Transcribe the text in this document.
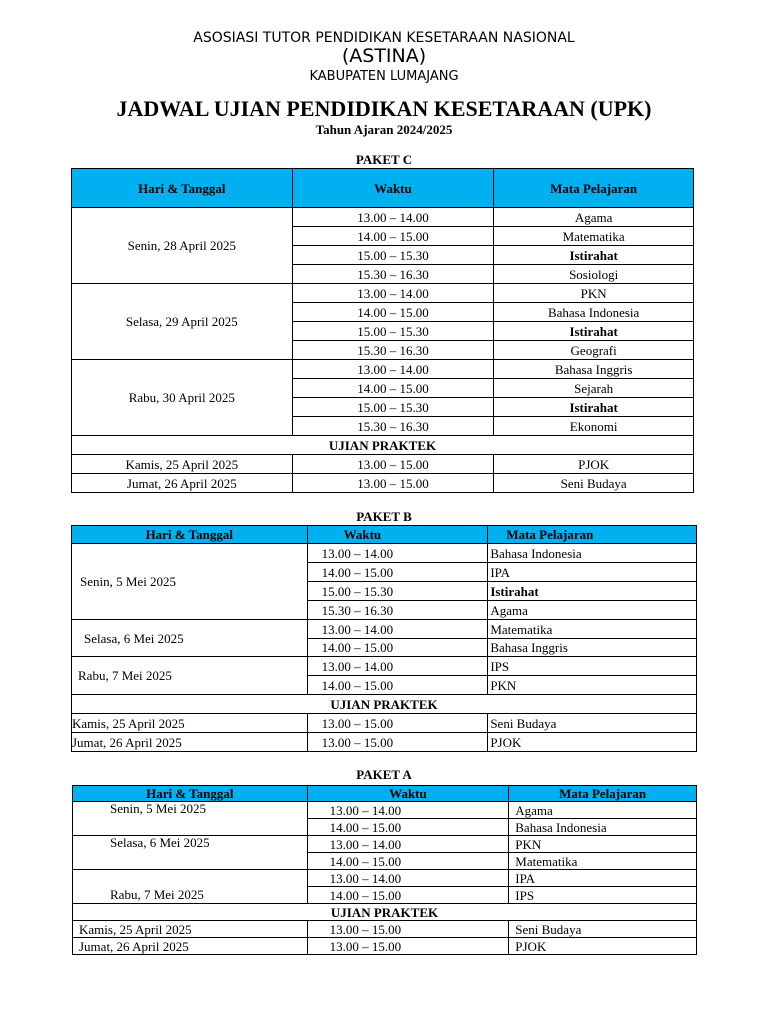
ASOSIASI TUTOR PENDIDIKAN KESETARAAN NASIONAL
(ASTINA)
KABUPATEN LUMAJANG
JADWAL UJIAN PENDIDIKAN KESETARAAN (UPK)
Tahun Ajaran 2024/2025
PAKET C
Hari & Tanggal	Waktu	Mata Pelajaran
Senin, 28 April 2025	13.00 – 14.00	Agama
	14.00 – 15.00	Matematika
	15.00 – 15.30	Istirahat
	15.30 – 16.30	Sosiologi
Selasa, 29 April 2025	13.00 – 14.00	PKN
	14.00 – 15.00	Bahasa Indonesia
	15.00 – 15.30	Istirahat
	15.30 – 16.30	Geografi
Rabu, 30 April 2025	13.00 – 14.00	Bahasa Inggris
	14.00 – 15.00	Sejarah
	15.00 – 15.30	Istirahat
	15.30 – 16.30	Ekonomi
UJIAN PRAKTEK		
Kamis, 25 April 2025	13.00 – 15.00	PJOK
Jumat, 26 April 2025	13.00 – 15.00	Seni Budaya
PAKET B
Hari & Tanggal	Waktu	Mata Pelajaran
Senin, 5 Mei 2025	13.00 – 14.00	Bahasa Indonesia
	14.00 – 15.00	IPA
	15.00 – 15.30	Istirahat
	15.30 – 16.30	Agama
Selasa, 6 Mei 2025	13.00 – 14.00	Matematika
	14.00 – 15.00	Bahasa Inggris
Rabu, 7 Mei 2025	13.00 – 14.00	IPS
	14.00 – 15.00	PKN
UJIAN PRAKTEK		
Kamis, 25 April 2025	13.00 – 15.00	Seni Budaya
Jumat, 26 April 2025	13.00 – 15.00	PJOK
PAKET A
Hari & Tanggal	Waktu	Mata Pelajaran
Senin, 5 Mei 2025	13.00 – 14.00	Agama
	14.00 – 15.00	Bahasa Indonesia
Selasa, 6 Mei 2025	13.00 – 14.00	PKN
	14.00 – 15.00	Matematika
Rabu, 7 Mei 2025	13.00 – 14.00	IPA
	14.00 – 15.00	IPS
UJIAN PRAKTEK		
Kamis, 25 April 2025	13.00 – 15.00	Seni Budaya
Jumat, 26 April 2025	13.00 – 15.00	PJOK
